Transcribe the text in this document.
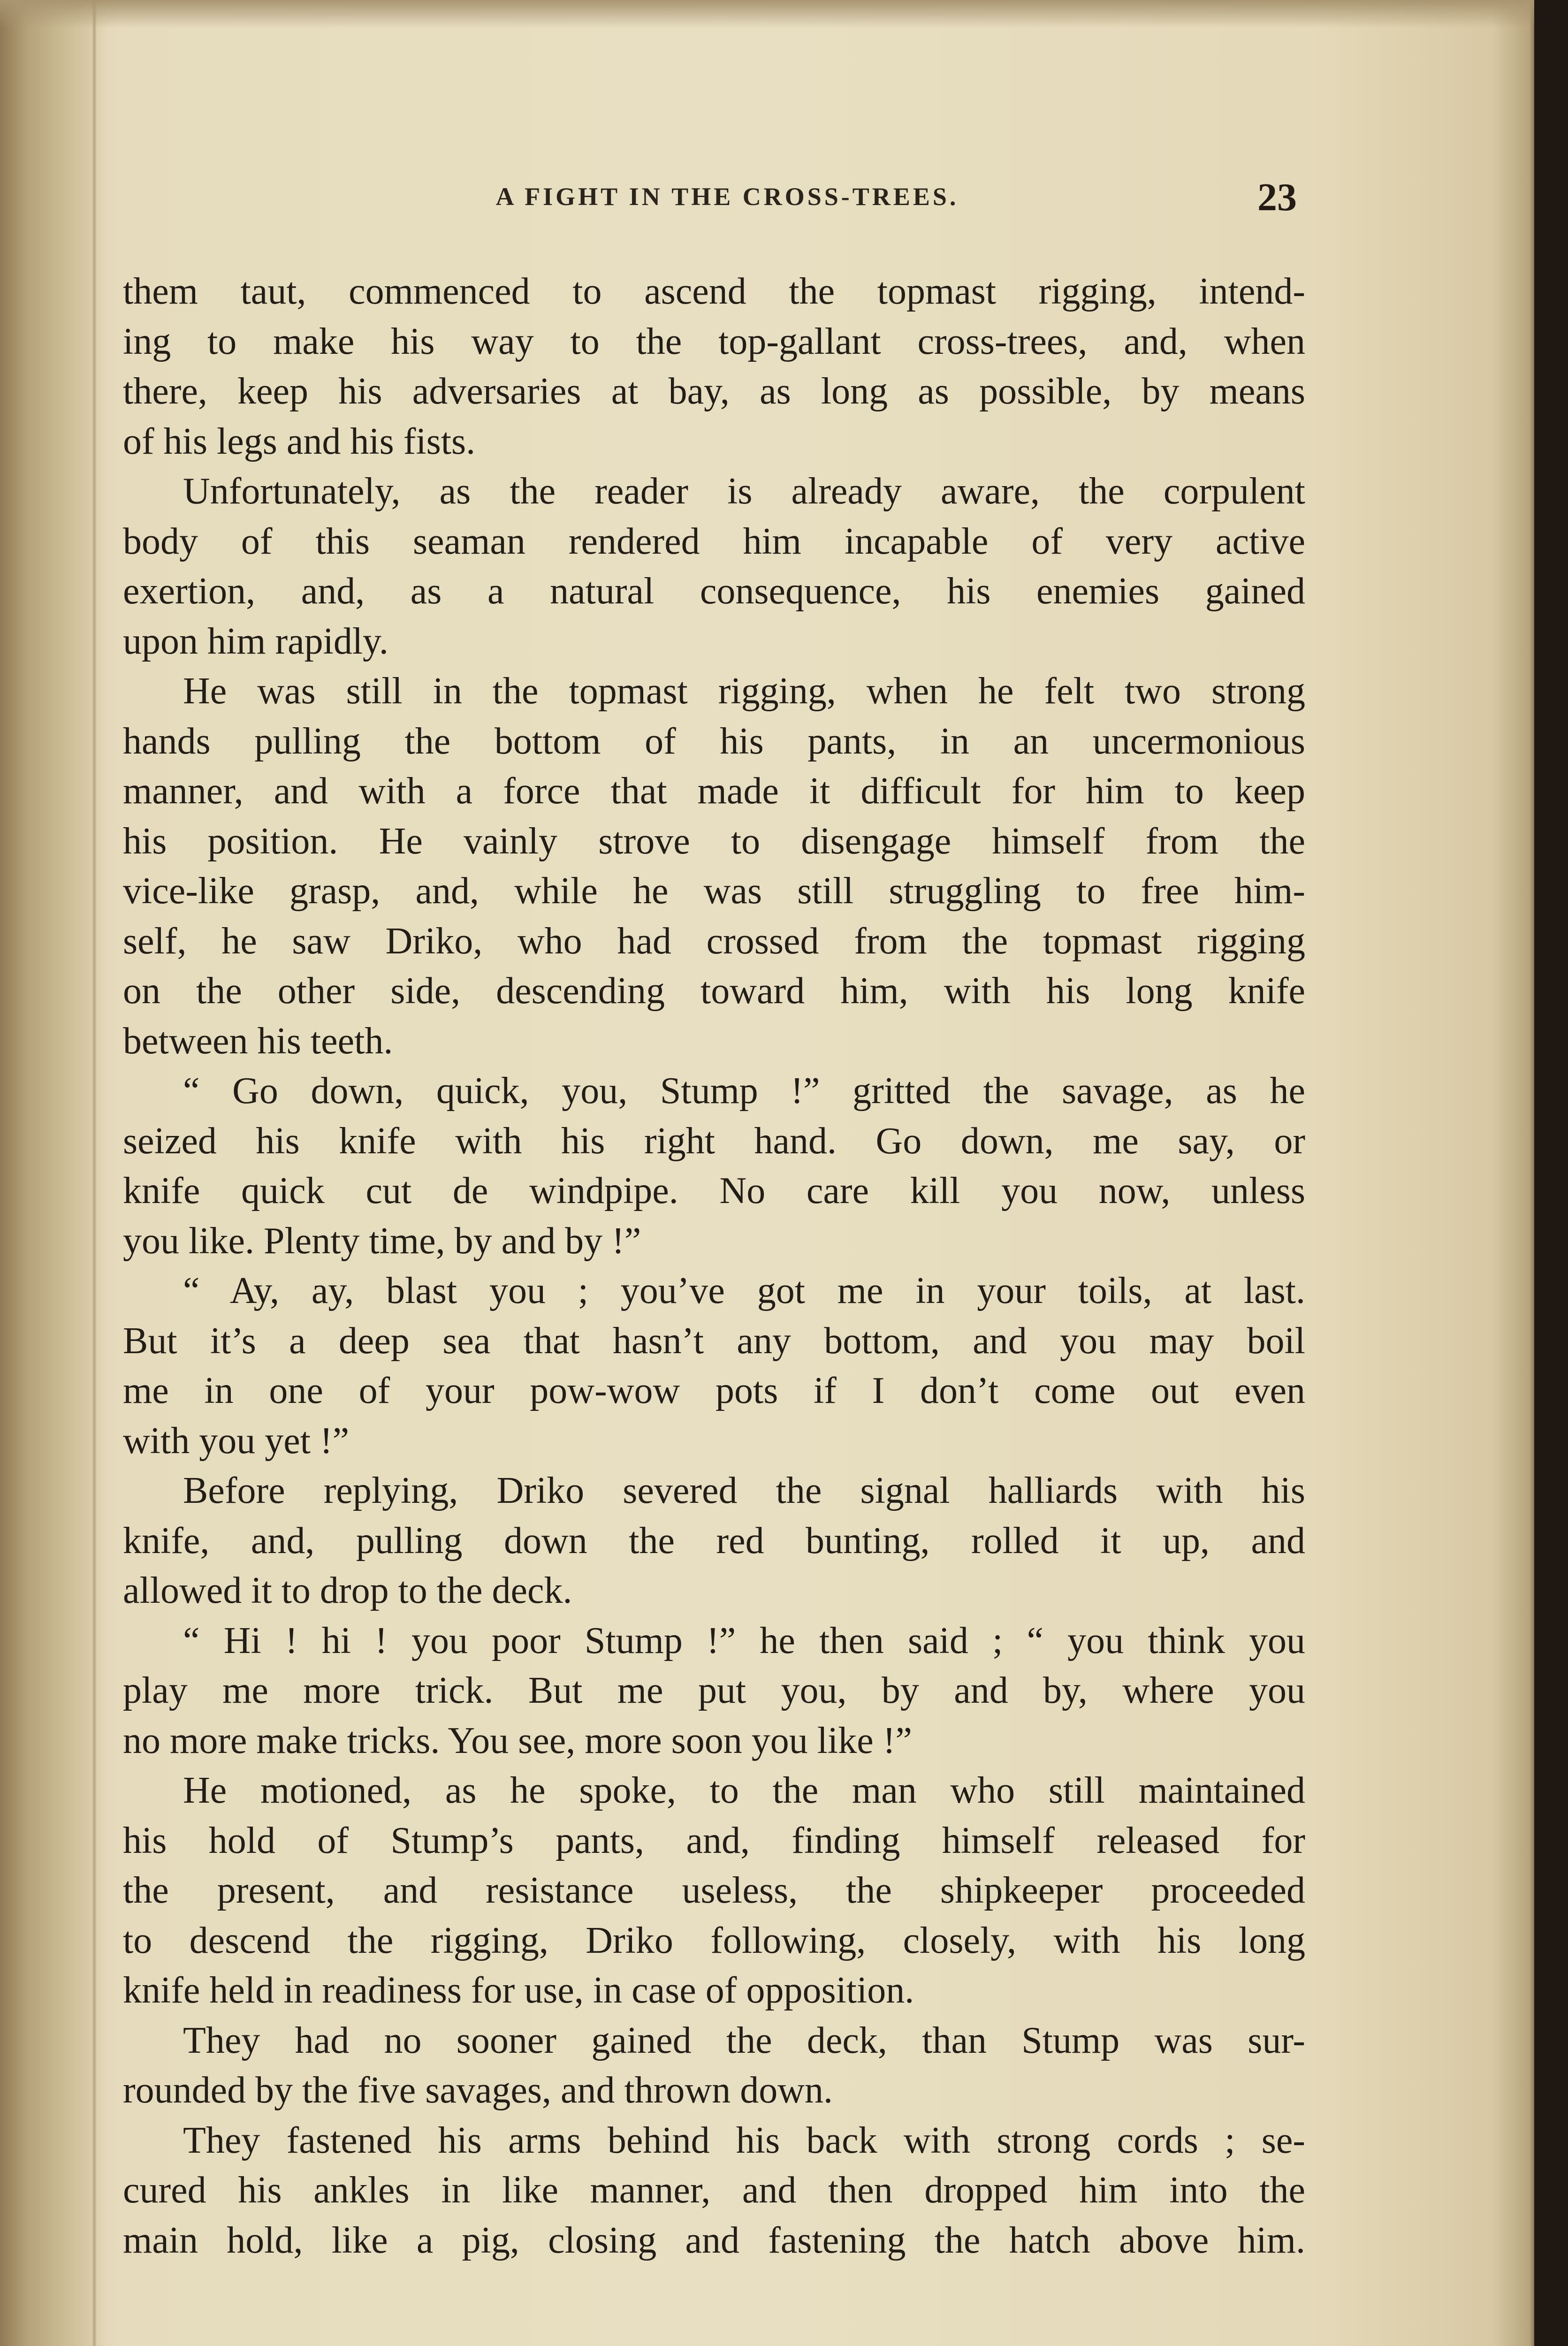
A FIGHT IN THE CROSS-TREES.	23
them taut, commenced to ascend the topmast rigging, intend-
ing to make his way to the top-gallant cross-trees, and, when
there, keep his adversaries at bay, as long as possible, by means
of his legs and his fists.
Unfortunately, as the reader is already aware, the corpulent
body of this seaman rendered him incapable of very active
exertion, and, as a natural consequence, his enemies gained
upon him rapidly.
He was still in the topmast rigging, when he felt two strong
hands pulling the bottom of his pants, in an uncermonious
manner, and with a force that made it difficult for him to keep
his position. He vainly strove to disengage himself from the
vice-like grasp, and, while he was still struggling to free him-
self, he saw Driko, who had crossed from the topmast rigging
on the other side, descending toward him, with his long knife
between his teeth.
“ Go down, quick, you, Stump !” gritted the savage, as he
seized his knife with his right hand. Go down, me say, or
knife quick cut de windpipe. No care kill you now, unless
you like. Plenty time, by and by !”
“ Ay, ay, blast you ; you’ve got me in your toils, at last.
But it’s a deep sea that hasn’t any bottom, and you may boil
me in one of your pow-wow pots if I don’t come out even
with you yet !”
Before replying, Driko severed the signal halliards with his
knife, and, pulling down the red bunting, rolled it up, and
allowed it to drop to the deck.
“ Hi ! hi ! you poor Stump !” he then said ; “ you think you
play me more trick. But me put you, by and by, where you
no more make tricks. You see, more soon you like !”
He motioned, as he spoke, to the man who still maintained
his hold of Stump’s pants, and, finding himself released for
the present, and resistance useless, the shipkeeper proceeded
to descend the rigging, Driko following, closely, with his long
knife held in readiness for use, in case of opposition.
They had no sooner gained the deck, than Stump was sur-
rounded by the five savages, and thrown down.
They fastened his arms behind his back with strong cords ; se-
cured his ankles in like manner, and then dropped him into the
main hold, like a pig, closing and fastening the hatch above him.
